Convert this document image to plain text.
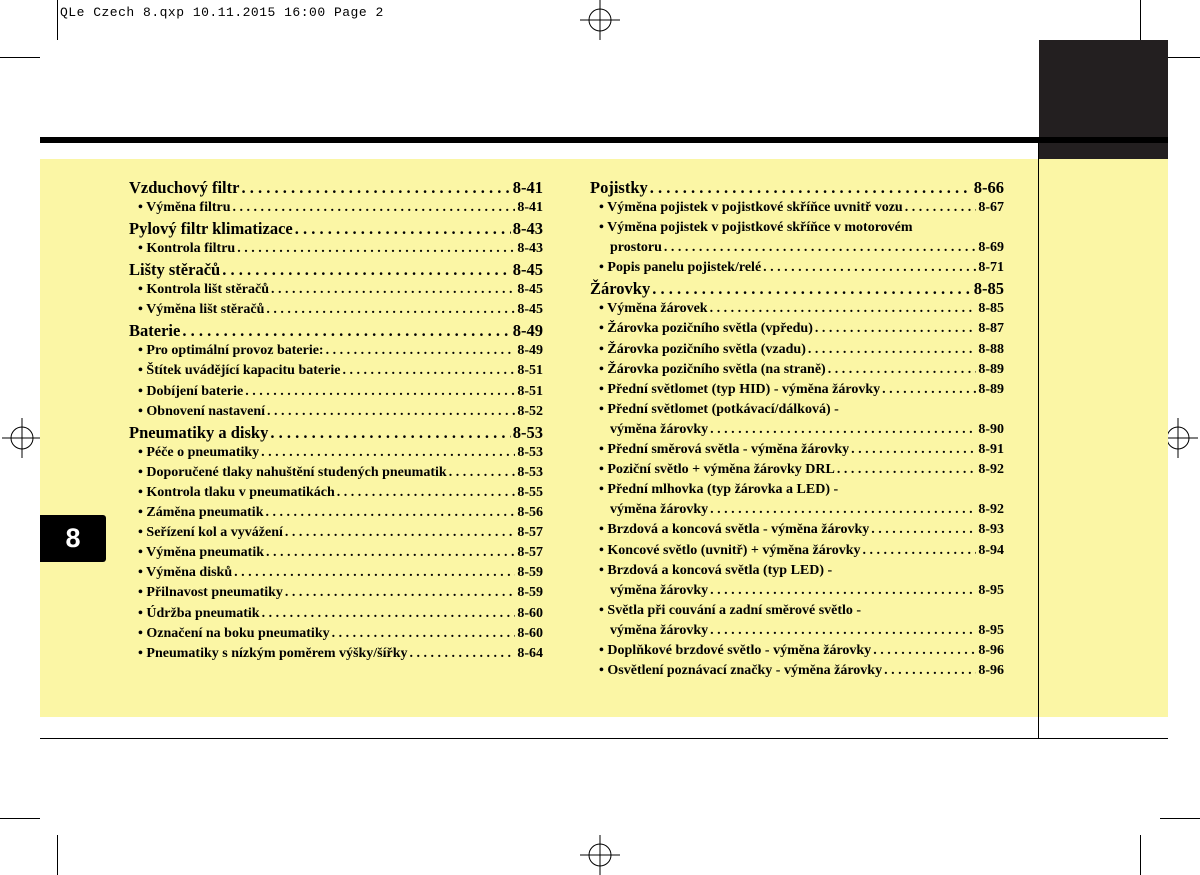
QLe Czech 8.qxp 10.11.2015 16:00 Page 2
8
Vzduchový filtr . . .	8-41
• Výměna filtru . . .	8-41
Pylový filtr klimatizace . . .	8-43
• Kontrola filtru . . .	8-43
Lišty stěračů . . .	8-45
• Kontrola lišt stěračů . . .	8-45
• Výměna lišt stěračů . . .	8-45
Baterie . . .	8-49
• Pro optimální provoz baterie: . . .	8-49
• Štítek uvádějící kapacitu baterie . . .	8-51
• Dobíjení baterie . . .	8-51
• Obnovení nastavení . . .	8-52
Pneumatiky a disky . . .	8-53
• Péče o pneumatiky . . .	8-53
• Doporučené tlaky nahuštění studených pneumatik . . .	8-53
• Kontrola tlaku v pneumatikách . . .	8-55
• Záměna pneumatik . . .	8-56
• Seřízení kol a vyvážení . . .	8-57
• Výměna pneumatik . . .	8-57
• Výměna disků . . .	8-59
• Přilnavost pneumatiky . . .	8-59
• Údržba pneumatik . . .	8-60
• Označení na boku pneumatiky . . .	8-60
• Pneumatiky s nízkým poměrem výšky/šířky . . .	8-64
Pojistky . . .	8-66
• Výměna pojistek v pojistkové skříňce uvnitř vozu . . .	8-67
• Výměna pojistek v pojistkové skříňce v motorovém
prostoru . . .	8-69
• Popis panelu pojistek/relé . . .	8-71
Žárovky . . .	8-85
• Výměna žárovek . . .	8-85
• Žárovka pozičního světla (vpředu) . . .	8-87
• Žárovka pozičního světla (vzadu) . . .	8-88
• Žárovka pozičního světla (na straně) . . .	8-89
• Přední světlomet (typ HID) - výměna žárovky . . .	8-89
• Přední světlomet (potkávací/dálková) -
výměna žárovky . . .	8-90
• Přední směrová světla - výměna žárovky . . .	8-91
• Poziční světlo + výměna žárovky DRL . . .	8-92
• Přední mlhovka (typ žárovka a LED) -
výměna žárovky . . .	8-92
• Brzdová a koncová světla - výměna žárovky . . .	8-93
• Koncové světlo (uvnitř) + výměna žárovky . . .	8-94
• Brzdová a koncová světla (typ LED) -
výměna žárovky . . .	8-95
• Světla při couvání a zadní směrové světlo -
výměna žárovky . . .	8-95
• Doplňkové brzdové světlo - výměna žárovky . . .	8-96
• Osvětlení poznávací značky - výměna žárovky . . .	8-96
